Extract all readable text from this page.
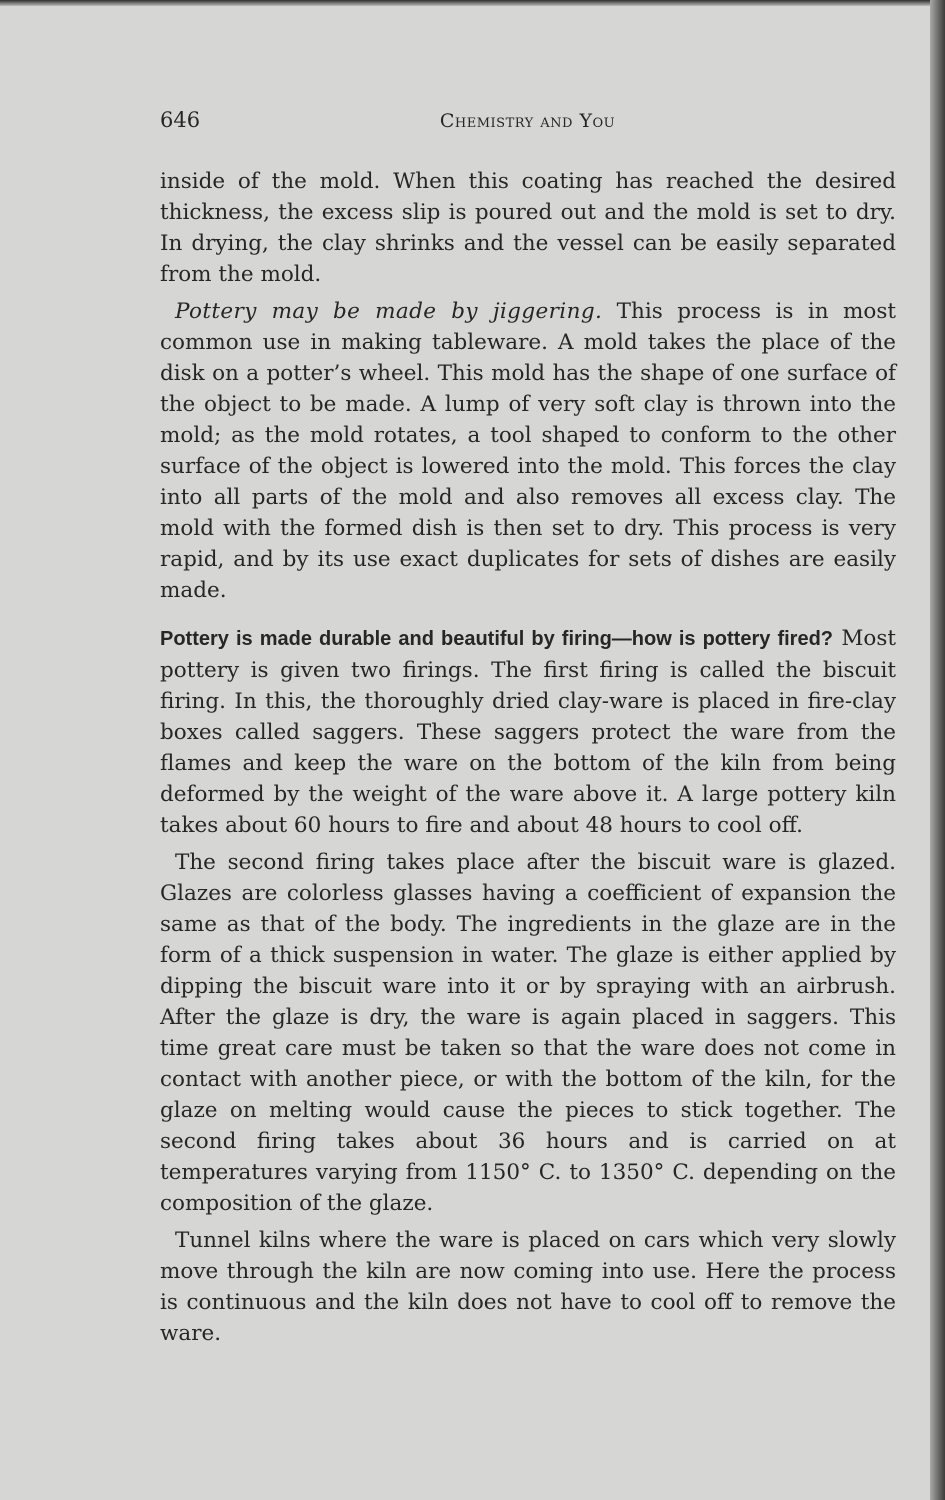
646	Chemistry and You

inside of the mold. When this coating has reached the desired thickness, the excess slip is poured out and the mold is set to dry. In drying, the clay shrinks and the vessel can be easily separated from the mold.

Pottery may be made by jiggering. This process is in most common use in making tableware. A mold takes the place of the disk on a potter’s wheel. This mold has the shape of one surface of the object to be made. A lump of very soft clay is thrown into the mold; as the mold rotates, a tool shaped to conform to the other surface of the object is lowered into the mold. This forces the clay into all parts of the mold and also removes all excess clay. The mold with the formed dish is then set to dry. This process is very rapid, and by its use exact duplicates for sets of dishes are easily made.

Pottery is made durable and beautiful by firing—how is pottery fired? Most pottery is given two firings. The first firing is called the biscuit firing. In this, the thoroughly dried clay-ware is placed in fire-clay boxes called saggers. These saggers protect the ware from the flames and keep the ware on the bottom of the kiln from being deformed by the weight of the ware above it. A large pottery kiln takes about 60 hours to fire and about 48 hours to cool off.

The second firing takes place after the biscuit ware is glazed. Glazes are colorless glasses having a coefficient of expansion the same as that of the body. The ingredients in the glaze are in the form of a thick suspension in water. The glaze is either applied by dipping the biscuit ware into it or by spraying with an airbrush. After the glaze is dry, the ware is again placed in saggers. This time great care must be taken so that the ware does not come in contact with another piece, or with the bottom of the kiln, for the glaze on melting would cause the pieces to stick together. The second firing takes about 36 hours and is carried on at temperatures varying from 1150° C. to 1350° C. depending on the composition of the glaze.

Tunnel kilns where the ware is placed on cars which very slowly move through the kiln are now coming into use. Here the process is continuous and the kiln does not have to cool off to remove the ware.
